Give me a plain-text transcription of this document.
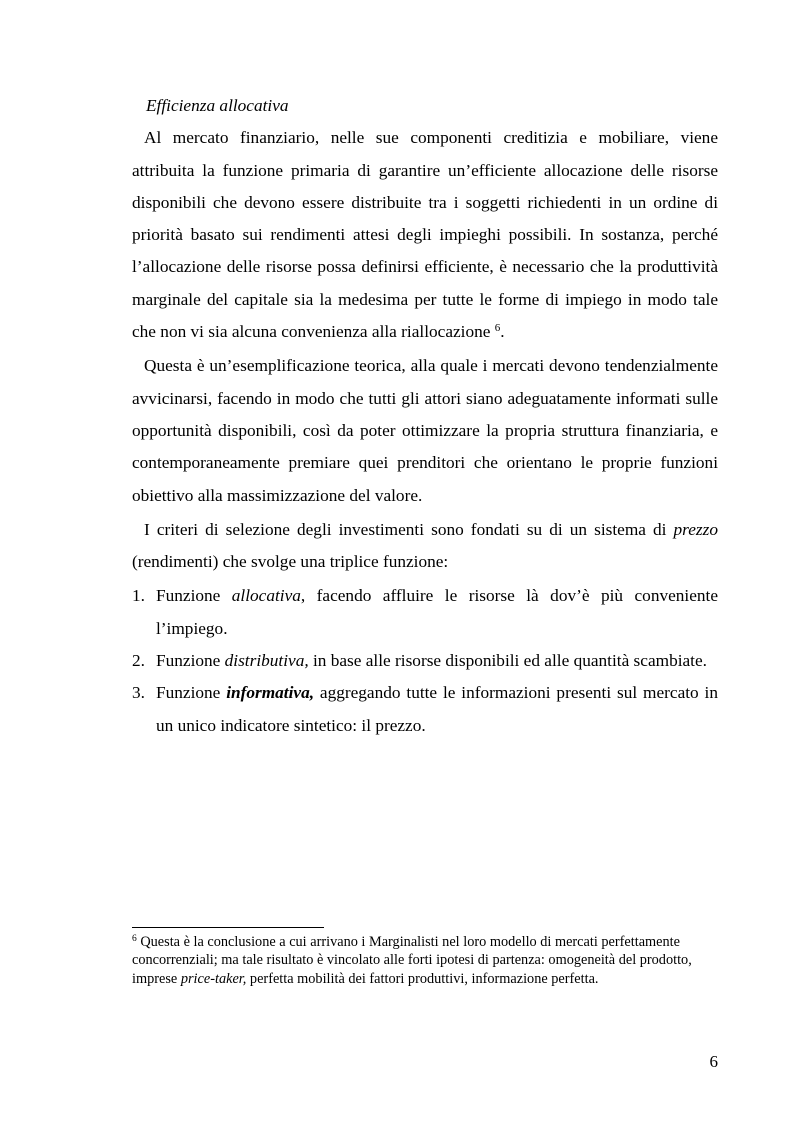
Efficienza allocativa

Al mercato finanziario, nelle sue componenti creditizia e mobiliare, viene attribuita la funzione primaria di garantire un’efficiente allocazione delle risorse disponibili che devono essere distribuite tra i soggetti richiedenti in un ordine di priorità basato sui rendimenti attesi degli impieghi possibili. In sostanza, perché l’allocazione delle risorse possa definirsi efficiente, è necessario che la produttività marginale del capitale sia la medesima per tutte le forme di impiego in modo tale che non vi sia alcuna convenienza alla riallocazione $^6$.

Questa è un’esemplificazione teorica, alla quale i mercati devono tendenzialmente avvicinarsi, facendo in modo che tutti gli attori siano adeguatamente informati sulle opportunità disponibili, così da poter ottimizzare la propria struttura finanziaria, e contemporaneamente premiare quei prenditori che orientano le proprie funzioni obiettivo alla massimizzazione del valore.

I criteri di selezione degli investimenti sono fondati su di un sistema di prezzo (rendimenti) che svolge una triplice funzione:

1. Funzione allocativa, facendo affluire le risorse là dov’è più conveniente l’impiego.
2. Funzione distributiva, in base alle risorse disponibili ed alle quantità scambiate.
3. Funzione informativa, aggregando tutte le informazioni presenti sul mercato in un unico indicatore sintetico: il prezzo.
$^6$ Questa è la conclusione a cui arrivano i Marginalisti nel loro modello di mercati perfettamente concorrenziali; ma tale risultato è vincolato alle forti ipotesi di partenza: omogeneità del prodotto, imprese price-taker, perfetta mobilità dei fattori produttivi, informazione perfetta.
6
